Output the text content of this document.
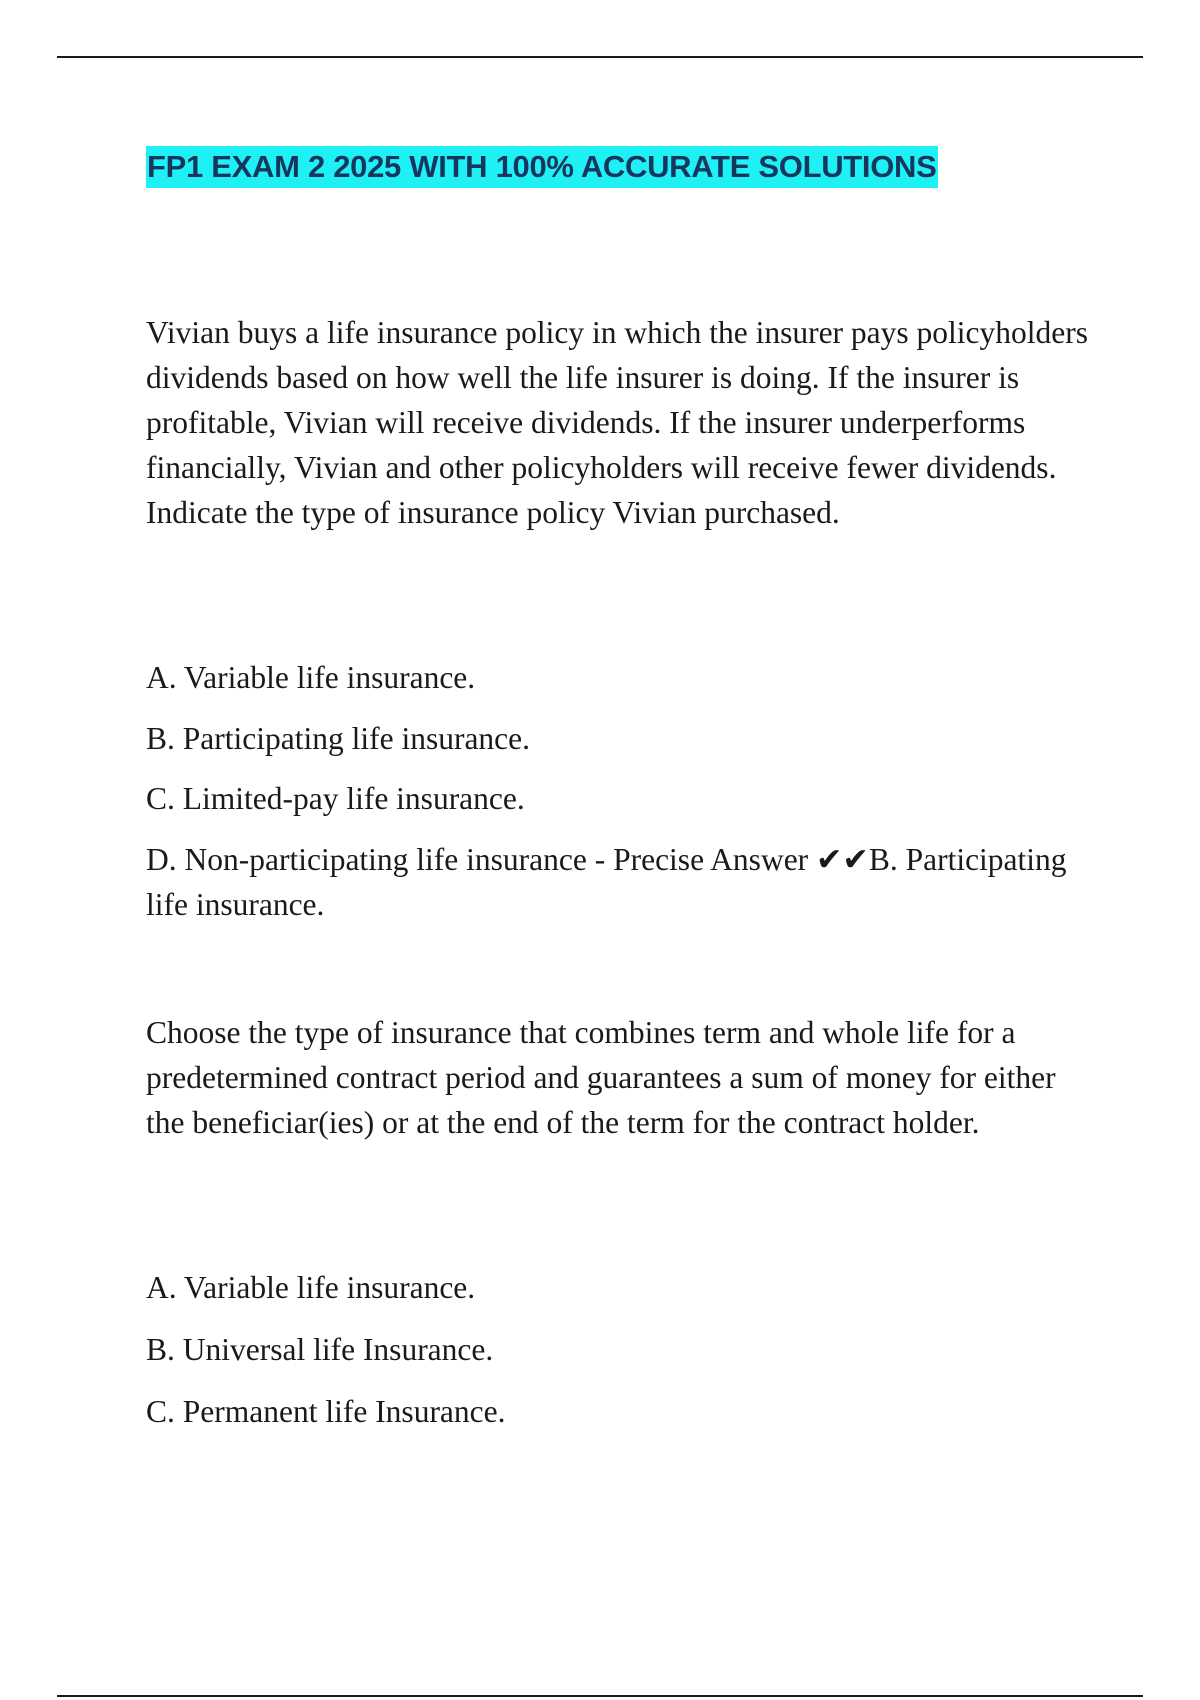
FP1 EXAM 2 2025 WITH 100% ACCURATE SOLUTIONS

Vivian buys a life insurance policy in which the insurer pays policyholders dividends based on how well the life insurer is doing. If the insurer is profitable, Vivian will receive dividends. If the insurer underperforms financially, Vivian and other policyholders will receive fewer dividends. Indicate the type of insurance policy Vivian purchased.

A. Variable life insurance.
B. Participating life insurance.
C. Limited-pay life insurance.
D. Non-participating life insurance - Precise Answer ✔✔B. Participating life insurance.

Choose the type of insurance that combines term and whole life for a predetermined contract period and guarantees a sum of money for either the beneficiar(ies) or at the end of the term for the contract holder.

A. Variable life insurance.
B. Universal life Insurance.
C. Permanent life Insurance.
